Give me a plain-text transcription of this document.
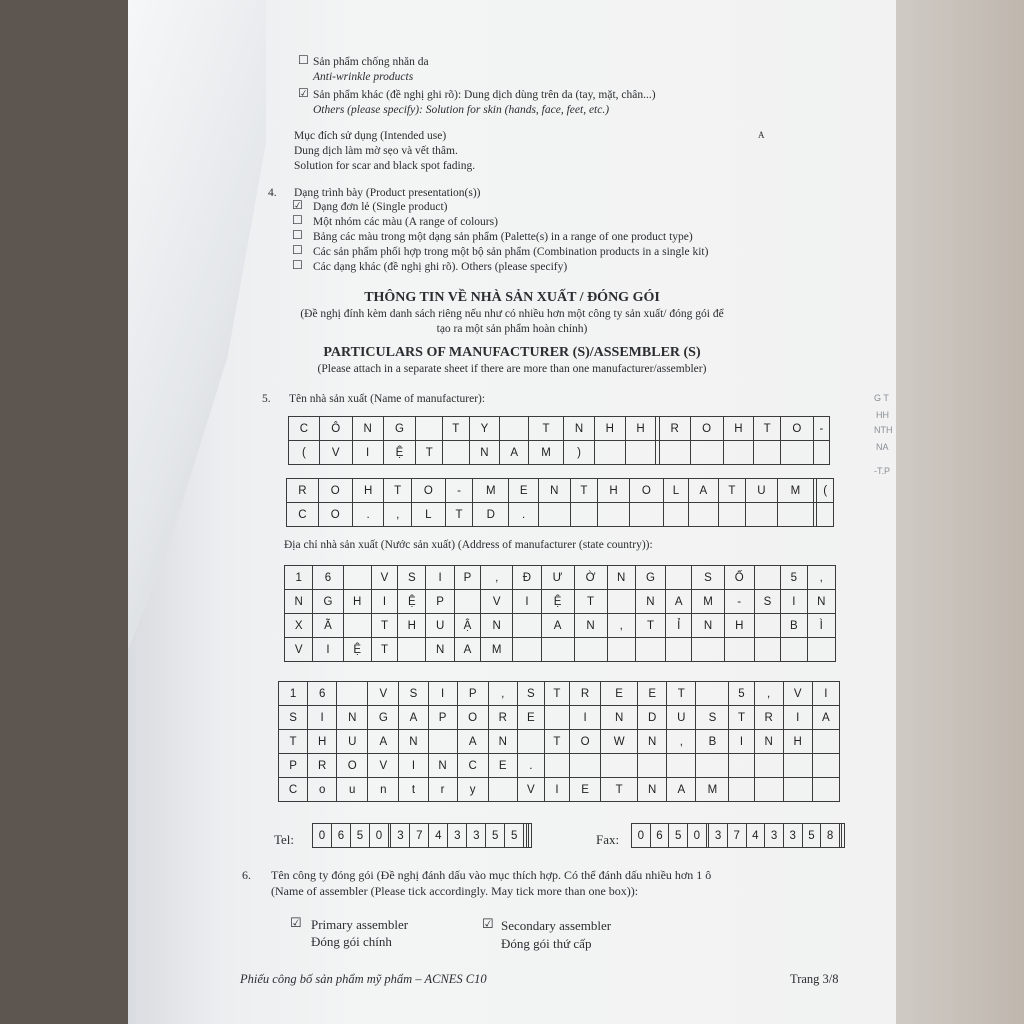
☐ Sản phẩm chống nhăn da
Anti-wrinkle products
☑ Sản phẩm khác (đề nghị ghi rõ): Dung dịch dùng trên da (tay, mặt, chân...)
Others (please specify): Solution for skin (hands, face, feet, etc.)
Mục đích sử dụng (Intended use)
Dung dịch làm mờ sẹo và vết thâm.
Solution for scar and black spot fading.
A
4. Dạng trình bày (Product presentation(s))
☑ Dạng đơn lẻ (Single product)
☐ Một nhóm các màu (A range of colours)
☐ Bảng các màu trong một dạng sản phẩm (Palette(s) in a range of one product type)
☐ Các sản phẩm phối hợp trong một bộ sản phẩm (Combination products in a single kit)
☐ Các dạng khác (đề nghị ghi rõ). Others (please specify)
THÔNG TIN VỀ NHÀ SẢN XUẤT / ĐÓNG GÓI
(Đề nghị đính kèm danh sách riêng nếu như có nhiều hơn một công ty sản xuất/ đóng gói để
tạo ra một sản phẩm hoàn chỉnh)
PARTICULARS OF MANUFACTURER (S)/ASSEMBLER (S)
(Please attach in a separate sheet if there are more than one manufacturer/assembler)
5. Tên nhà sản xuất (Name of manufacturer):
C	Ô	N	G		T	Y		T	N	H	H		R	O	H	T	O	-
(	V	I	Ệ	T		N	A	M	)									
R	O	H	T	O	-	M	E	N	T	H	O	L	A	T	U	M		(
C	O	.	,	L	T	D	.											
Địa chỉ nhà sản xuất (Nước sản xuất) (Address of manufacturer (state country)):
1	6		V	S	I	P	,	Đ	Ư	Ờ	N	G		S	Ố		5	,
N	G	H	I	Ệ	P		V	I	Ệ	T		N	A	M	-	S	I	N
X	Ã		T	H	U	Ậ	N		A	N	,	T	Ỉ	N	H		B	Ì
V	I	Ệ	T		N	A	M											
1	6		V	S	I	P	,	S	T	R	E	E	T		5	,	V	I
S	I	N	G	A	P	O	R	E		I	N	D	U	S	T	R	I	A
T	H	U	A	N		A	N		T	O	W	N	,	B	I	N	H	
P	R	O	V	I	N	C	E	.										
C	o	u	n	t	r	y		V	I	E	T	N	A	M				
Tel: 0	6	5	0		3	7	4	3	3	5	5				Fax: 0	6	5	0		3	7	4	3	3	5	8		
6. Tên công ty đóng gói (Đề nghị đánh dấu vào mục thích hợp. Có thể đánh dấu nhiều hơn 1 ô
(Name of assembler (Please tick accordingly. May tick more than one box)):
☑ Primary assembler
Đóng gói chính
☑ Secondary assembler
Đóng gói thứ cấp
Phiếu công bố sản phẩm mỹ phẩm – ACNES C10	Trang 3/8
G T
HH
NTH
NA
-T.P
